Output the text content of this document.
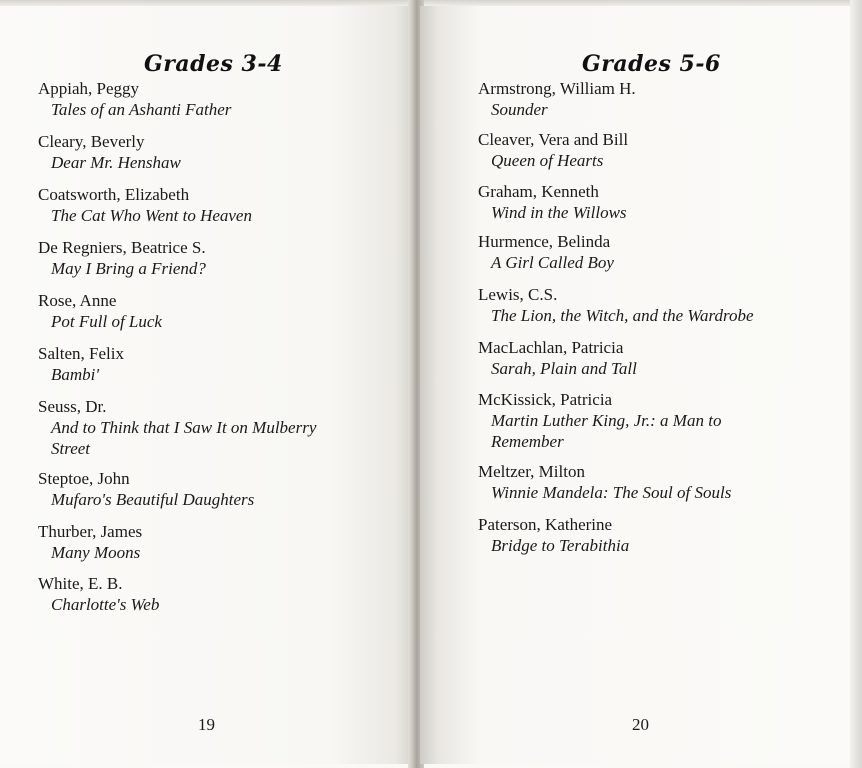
Grades 3-4
Appiah, Peggy
Tales of an Ashanti Father
Cleary, Beverly
Dear Mr. Henshaw
Coatsworth, Elizabeth
The Cat Who Went to Heaven
De Regniers, Beatrice S.
May I Bring a Friend?
Rose, Anne
Pot Full of Luck
Salten, Felix
Bambi'
Seuss, Dr.
And to Think that I Saw It on Mulberry
Street
Steptoe, John
Mufaro's Beautiful Daughters
Thurber, James
Many Moons
White, E. B.
Charlotte's Web
19
Grades 5-6
Armstrong, William H.
Sounder
Cleaver, Vera and Bill
Queen of Hearts
Graham, Kenneth
Wind in the Willows
Hurmence, Belinda
A Girl Called Boy
Lewis, C.S.
The Lion, the Witch, and the Wardrobe
MacLachlan, Patricia
Sarah, Plain and Tall
McKissick, Patricia
Martin Luther King, Jr.: a Man to
Remember
Meltzer, Milton
Winnie Mandela: The Soul of Souls
Paterson, Katherine
Bridge to Terabithia
20
